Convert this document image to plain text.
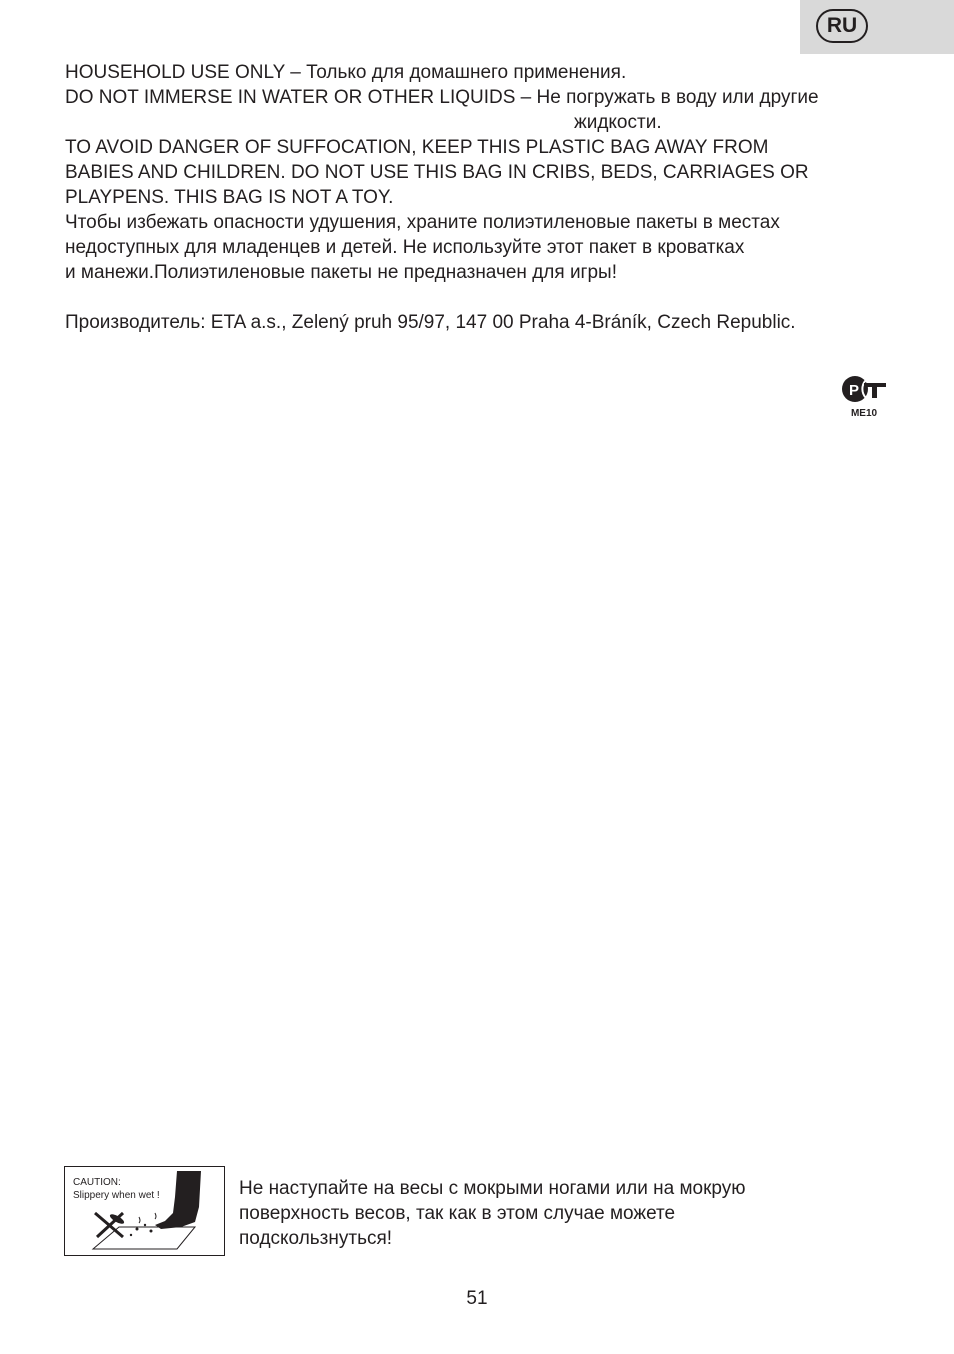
RU
HOUSEHOLD USE ONLY – Только для домашнего применения.
DO NOT IMMERSE IN WATER OR OTHER LIQUIDS – Не погружать в воду или другие
жидкости.
TO AVOID DANGER OF SUFFOCATION, KEEP THIS PLASTIC BAG AWAY FROM
BABIES AND CHILDREN. DO NOT USE THIS BAG IN CRIBS, BEDS, CARRIAGES OR
PLAYPENS. THIS BAG IS NOT A TOY.
Чтобы избежать опасности удушения, храните полиэтиленовые пакеты в местах
недоступных для младенцев и детей. Не используйте этот пакет в кроватках
и манежи.Полиэтиленовые пакеты не предназначен для игры!
Производитель: ETA a.s., Zelený pruh 95/97, 147 00 Praha 4-Bráník, Czech Republic.
P
ME10
CAUTION:
Slippery when wet !	Не наступайте на весы с мокрыми ногами или на мокрую
поверхность весов, так как в этом случае можете
подскользнуться!
51
